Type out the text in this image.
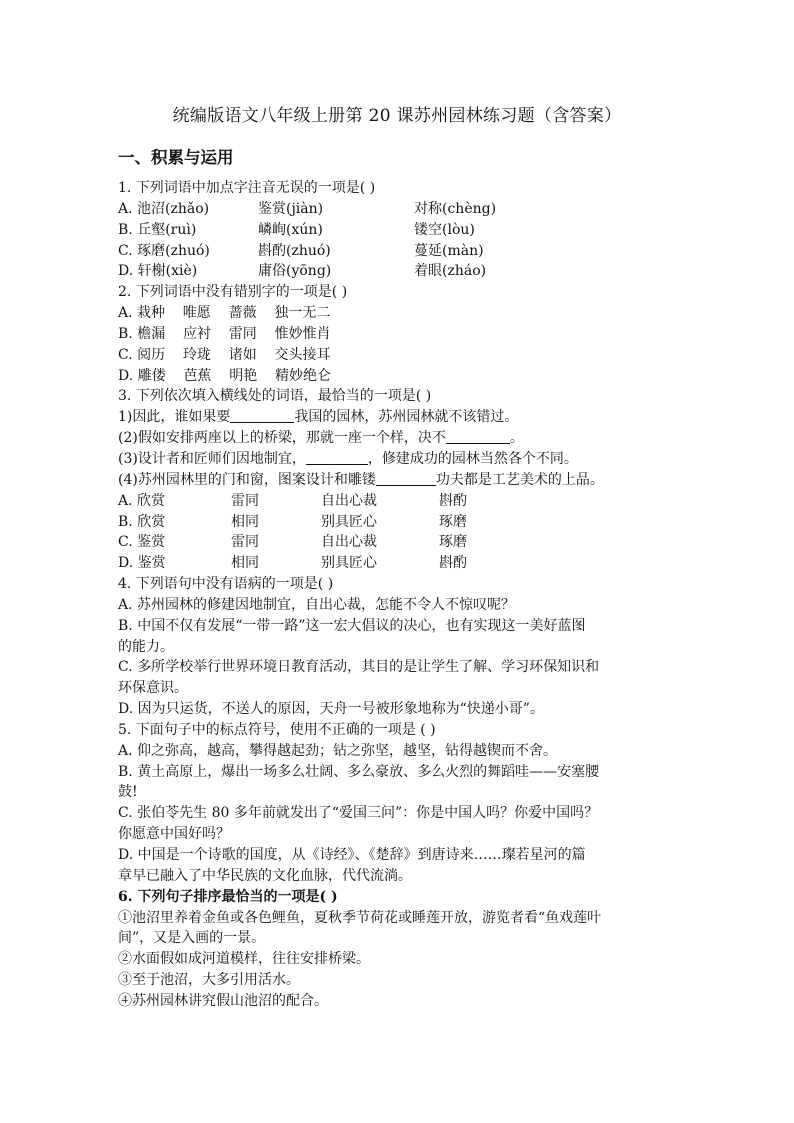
统编版语文八年级上册第 20 课苏州园林练习题（含答案）
一、积累与运用
1. 下列词语中加点字注音无误的一项是( )
A. 池沼(zhǎo)	鉴赏(jiàn)	对称(chèng)
B. 丘壑(ruì)	嶙峋(xún)	镂空(lòu)
C. 琢磨(zhuó)	斟酌(zhuó)	蔓延(màn)
D. 轩榭(xiè)	庸俗(yōng)	着眼(zháo)
2. 下列词语中没有错别字的一项是( )
A. 栽种    唯愿    蔷薇    独一无二
B. 檐漏    应衬    雷同    惟妙惟肖
C. 阅历    玲珑    诸如    交头接耳
D. 雕偻    芭蕉    明艳    精妙绝仑
3. 下列依次填入横线处的词语，最恰当的一项是( )
1)因此，谁如果要	我国的园林，苏州园林就不该错过。
(2)假如安排两座以上的桥梁，那就一座一个样，决不	。
(3)设计者和匠师们因地制宜，	，修建成功的园林当然各个不同。
(4)苏州园林里的门和窗，图案设计和雕镂	功夫都是工艺美术的上品。
A. 欣赏	雷同	自出心裁	斟酌
B. 欣赏	相同	别具匠心	琢磨
C. 鉴赏	雷同	自出心裁	琢磨
D. 鉴赏	相同	别具匠心	斟酌
4. 下列语句中没有语病的一项是( )
A. 苏州园林的修建因地制宜，自出心裁，怎能不令人不惊叹呢？
B. 中国不仅有发展“一带一路”这一宏大倡议的决心，也有实现这一美好蓝图
的能力。
C. 多所学校举行世界环境日教育活动，其目的是让学生了解、学习环保知识和
环保意识。
D. 因为只运货，不送人的原因，天舟一号被形象地称为“快递小哥”。
5. 下面句子中的标点符号，使用不正确的一项是 ( )
A. 仰之弥高，越高，攀得越起劲；钻之弥坚，越坚，钻得越锲而不舍。
B. 黄土高原上，爆出一场多么壮阔、多么豪放、多么火烈的舞蹈哇——安塞腰
鼓!
C. 张伯苓先生 80 多年前就发出了“爱国三问”：你是中国人吗？你爱中国吗？
你愿意中国好吗？
D. 中国是一个诗歌的国度，从《诗经》、《楚辞》到唐诗来……璨若星河的篇
章早已融入了中华民族的文化血脉，代代流淌。
6. 下列句子排序最恰当的一项是( )
①池沼里养着金鱼或各色鲤鱼，夏秋季节荷花或睡莲开放，游览者看“鱼戏莲叶
间”，又是入画的一景。
②水面假如成河道模样，往往安排桥梁。
③至于池沼，大多引用活水。
④苏州园林讲究假山池沼的配合。
